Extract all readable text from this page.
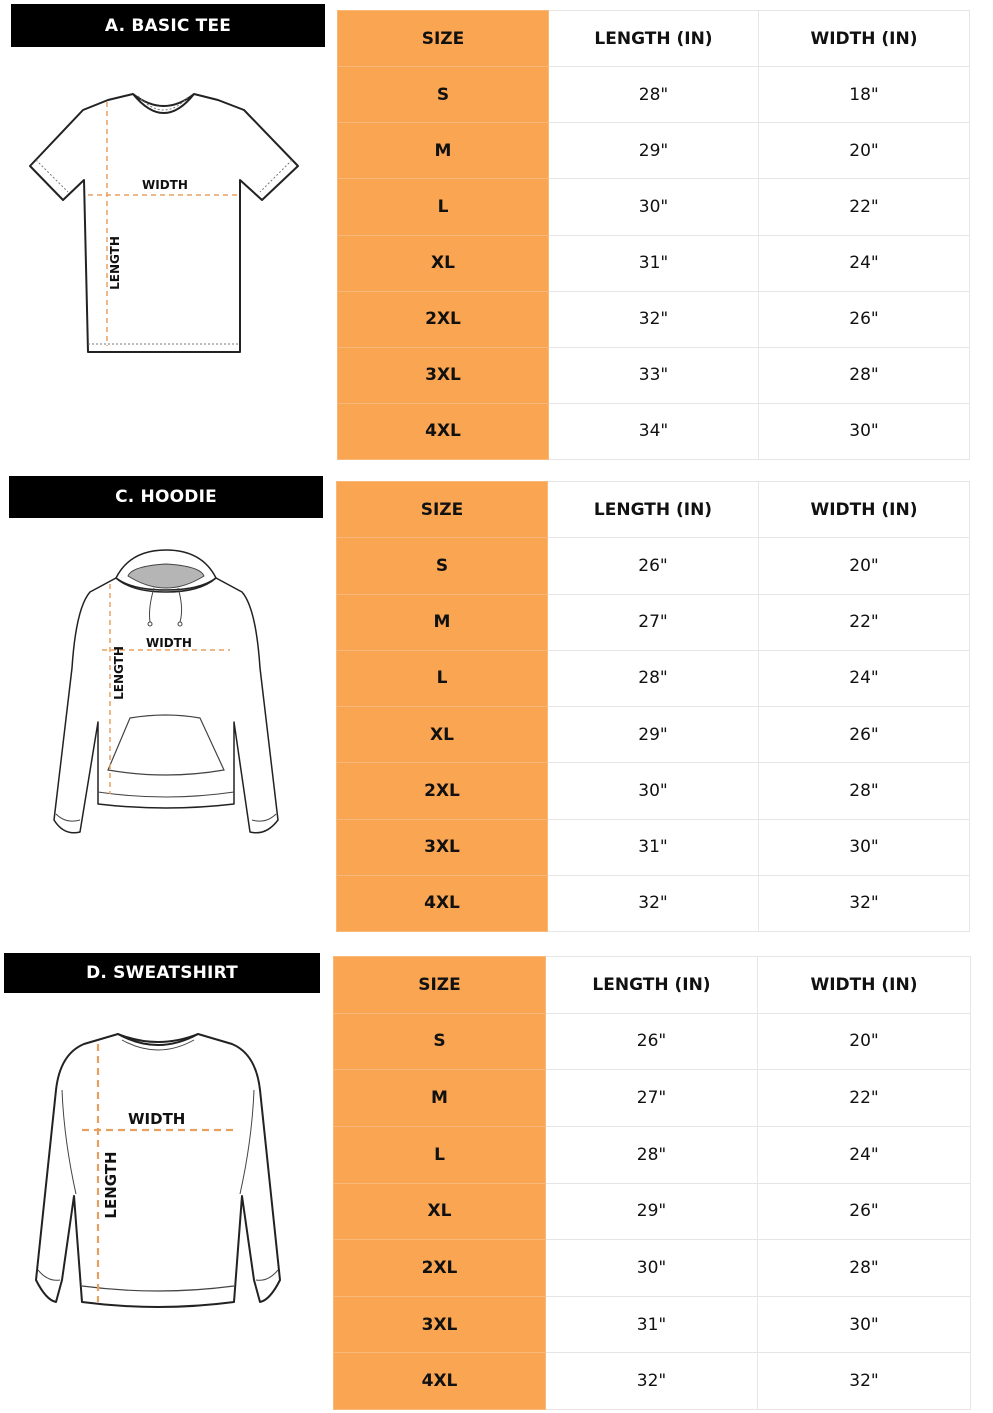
A. BASIC TEE
WIDTH
LENGTH
SIZE	LENGTH (IN)	WIDTH (IN)
S	28"	18"
M	29"	20"
L	30"	22"
XL	31"	24"
2XL	32"	26"
3XL	33"	28"
4XL	34"	30"
C. HOODIE
WIDTH
LENGTH
SIZE	LENGTH (IN)	WIDTH (IN)
S	26"	20"
M	27"	22"
L	28"	24"
XL	29"	26"
2XL	30"	28"
3XL	31"	30"
4XL	32"	32"
D. SWEATSHIRT
WIDTH
LENGTH
SIZE	LENGTH (IN)	WIDTH (IN)
S	26"	20"
M	27"	22"
L	28"	24"
XL	29"	26"
2XL	30"	28"
3XL	31"	30"
4XL	32"	32"
